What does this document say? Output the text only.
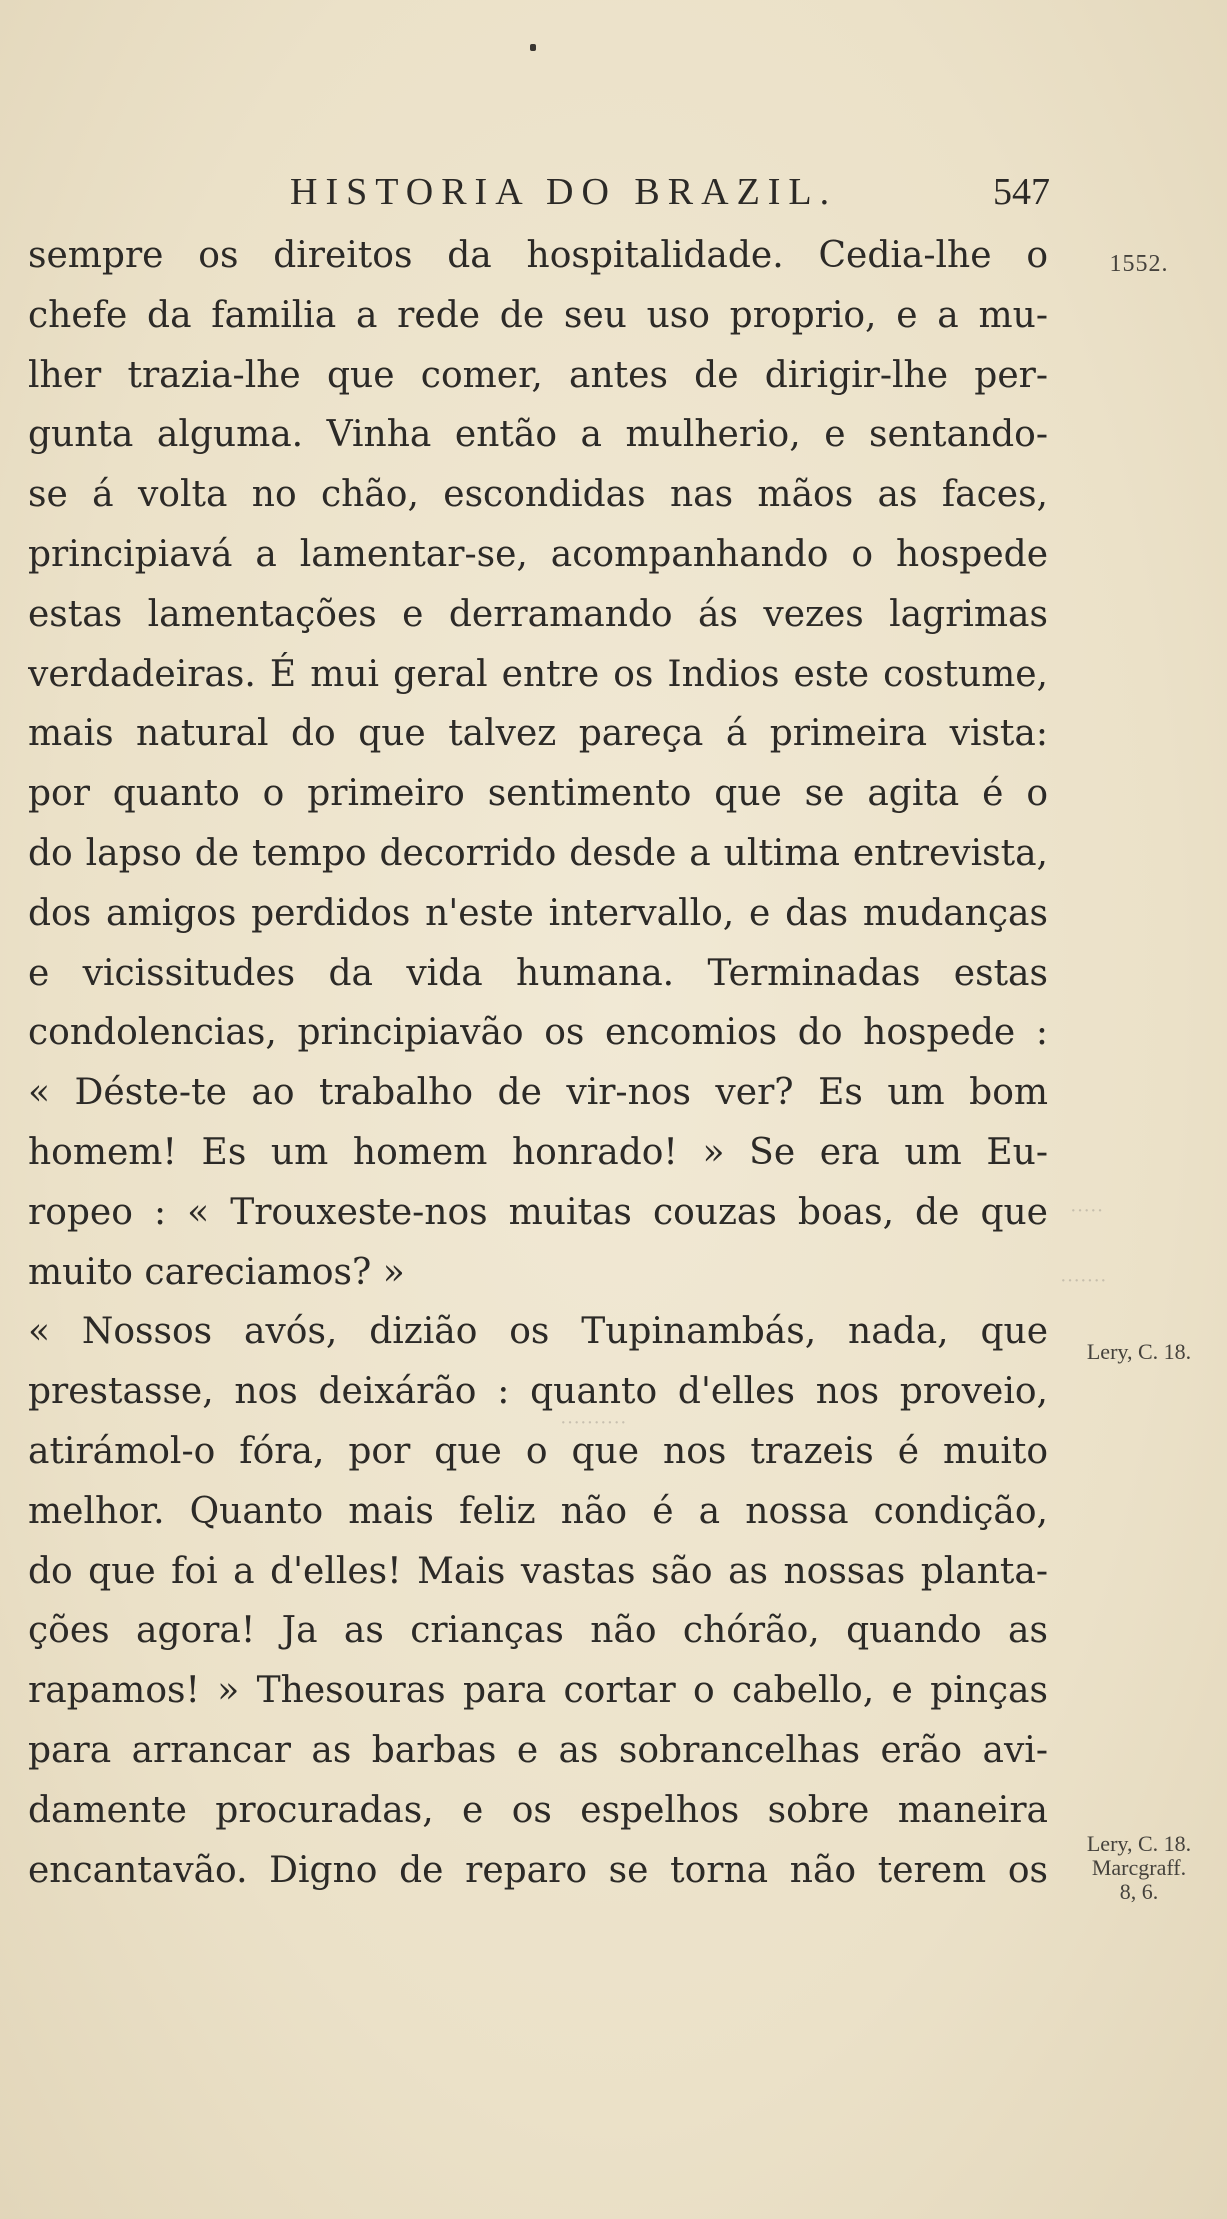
HISTORIA DO BRAZIL.	547
sempre os direitos da hospitalidade. Cedia-lhe o
chefe da familia a rede de seu uso proprio, e a mu-
lher trazia-lhe que comer, antes de dirigir-lhe per-
gunta alguma. Vinha então a mulherio, e sentando-
se á volta no chão, escondidas nas mãos as faces,
principiavá a lamentar-se, acompanhando o hospede
estas lamentações e derramando ás vezes lagrimas
verdadeiras. É mui geral entre os Indios este costume,
mais natural do que talvez pareça á primeira vista:
por quanto o primeiro sentimento que se agita é o
do lapso de tempo decorrido desde a ultima entrevista,
dos amigos perdidos n'este intervallo, e das mudanças
e vicissitudes da vida humana. Terminadas estas
condolencias, principiavão os encomios do hospede :
« Déste-te ao trabalho de vir-nos ver? Es um bom
homem! Es um homem honrado! » Se era um Eu-
ropeo : « Trouxeste-nos muitas couzas boas, de que
muito careciamos? »
« Nossos avós, dizião os Tupinambás, nada, que
prestasse, nos deixárão : quanto d'elles nos proveio,
atirámol-o fóra, por que o que nos trazeis é muito
melhor. Quanto mais feliz não é a nossa condição,
do que foi a d'elles! Mais vastas são as nossas planta-
ções agora! Ja as crianças não chórão, quando as
rapamos! » Thesouras para cortar o cabello, e pinças
para arrancar as barbas e as sobrancelhas erão avi-
damente procuradas, e os espelhos sobre maneira
encantavão. Digno de reparo se torna não terem os
1552.
Lery, C. 18.
Lery, C. 18.
Marcgraff.
8, 6.
·····
·······
··········
